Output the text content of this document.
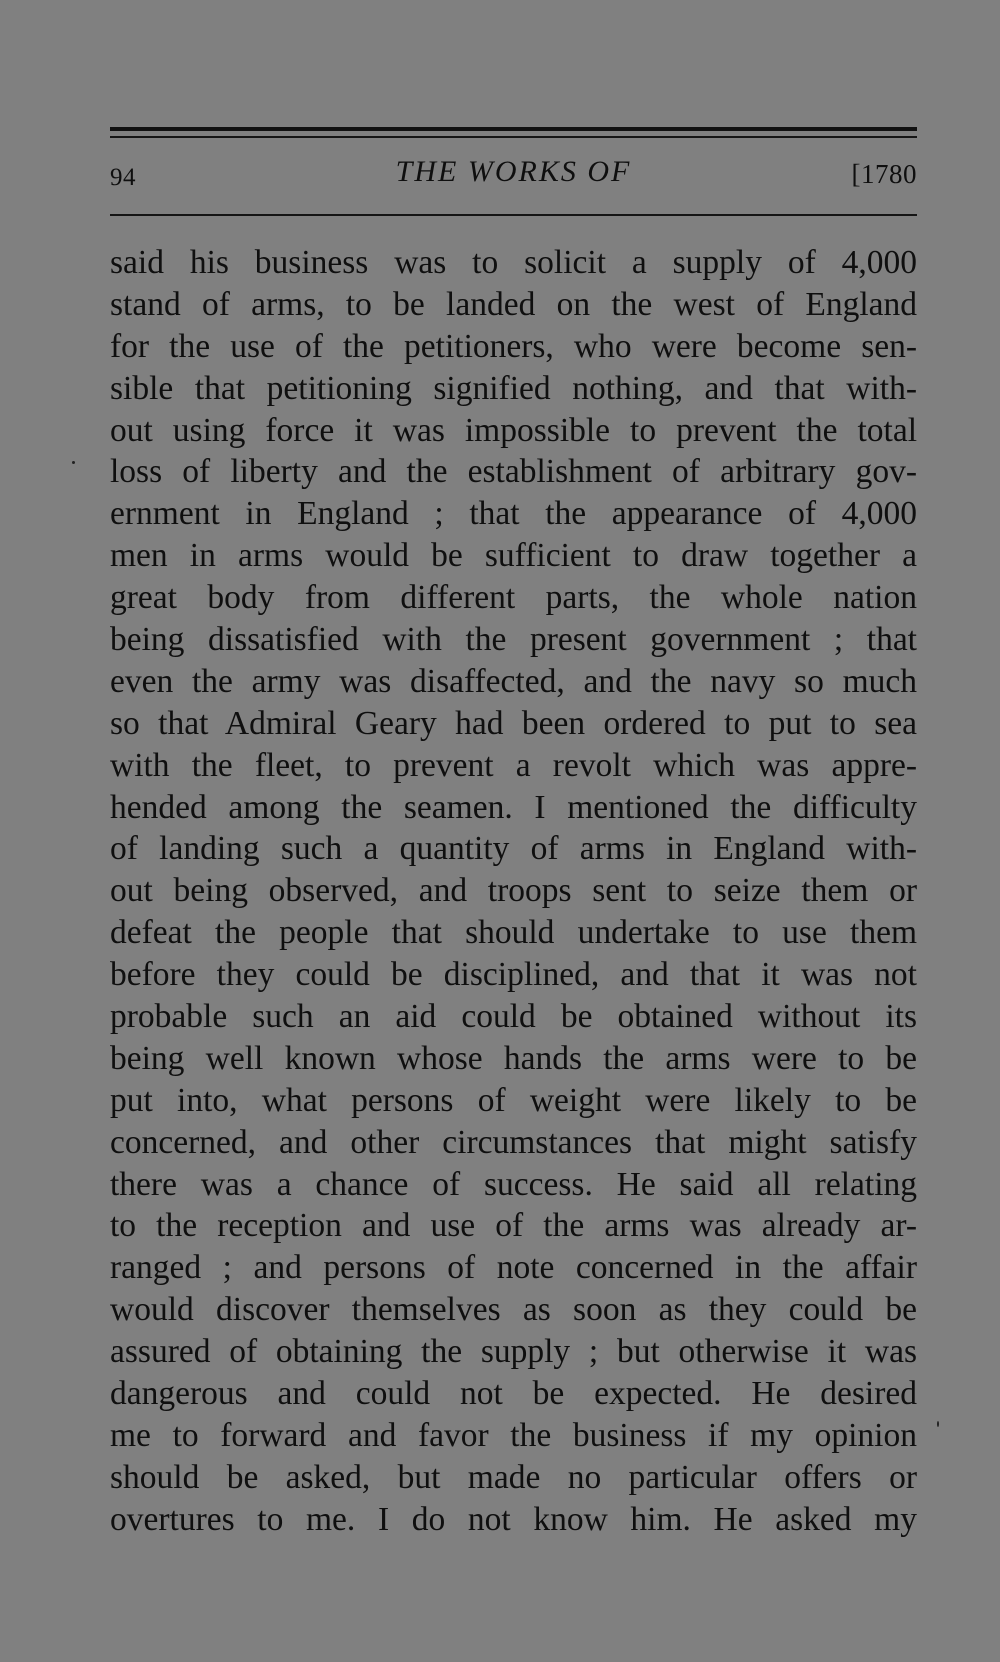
94	THE WORKS OF	[1780
said his business was to solicit a supply of 4,000
stand of arms, to be landed on the west of England
for the use of the petitioners, who were become sen-
sible that petitioning signified nothing, and that with-
out using force it was impossible to prevent the total
loss of liberty and the establishment of arbitrary gov-
ernment in England ; that the appearance of 4,000
men in arms would be sufficient to draw together a
great body from different parts, the whole nation
being dissatisfied with the present government ; that
even the army was disaffected, and the navy so much
so that Admiral Geary had been ordered to put to sea
with the fleet, to prevent a revolt which was appre-
hended among the seamen. I mentioned the difficulty
of landing such a quantity of arms in England with-
out being observed, and troops sent to seize them or
defeat the people that should undertake to use them
before they could be disciplined, and that it was not
probable such an aid could be obtained without its
being well known whose hands the arms were to be
put into, what persons of weight were likely to be
concerned, and other circumstances that might satisfy
there was a chance of success. He said all relating
to the reception and use of the arms was already ar-
ranged ; and persons of note concerned in the affair
would discover themselves as soon as they could be
assured of obtaining the supply ; but otherwise it was
dangerous and could not be expected. He desired
me to forward and favor the business if my opinion
should be asked, but made no particular offers or
overtures to me. I do not know him. He asked my
